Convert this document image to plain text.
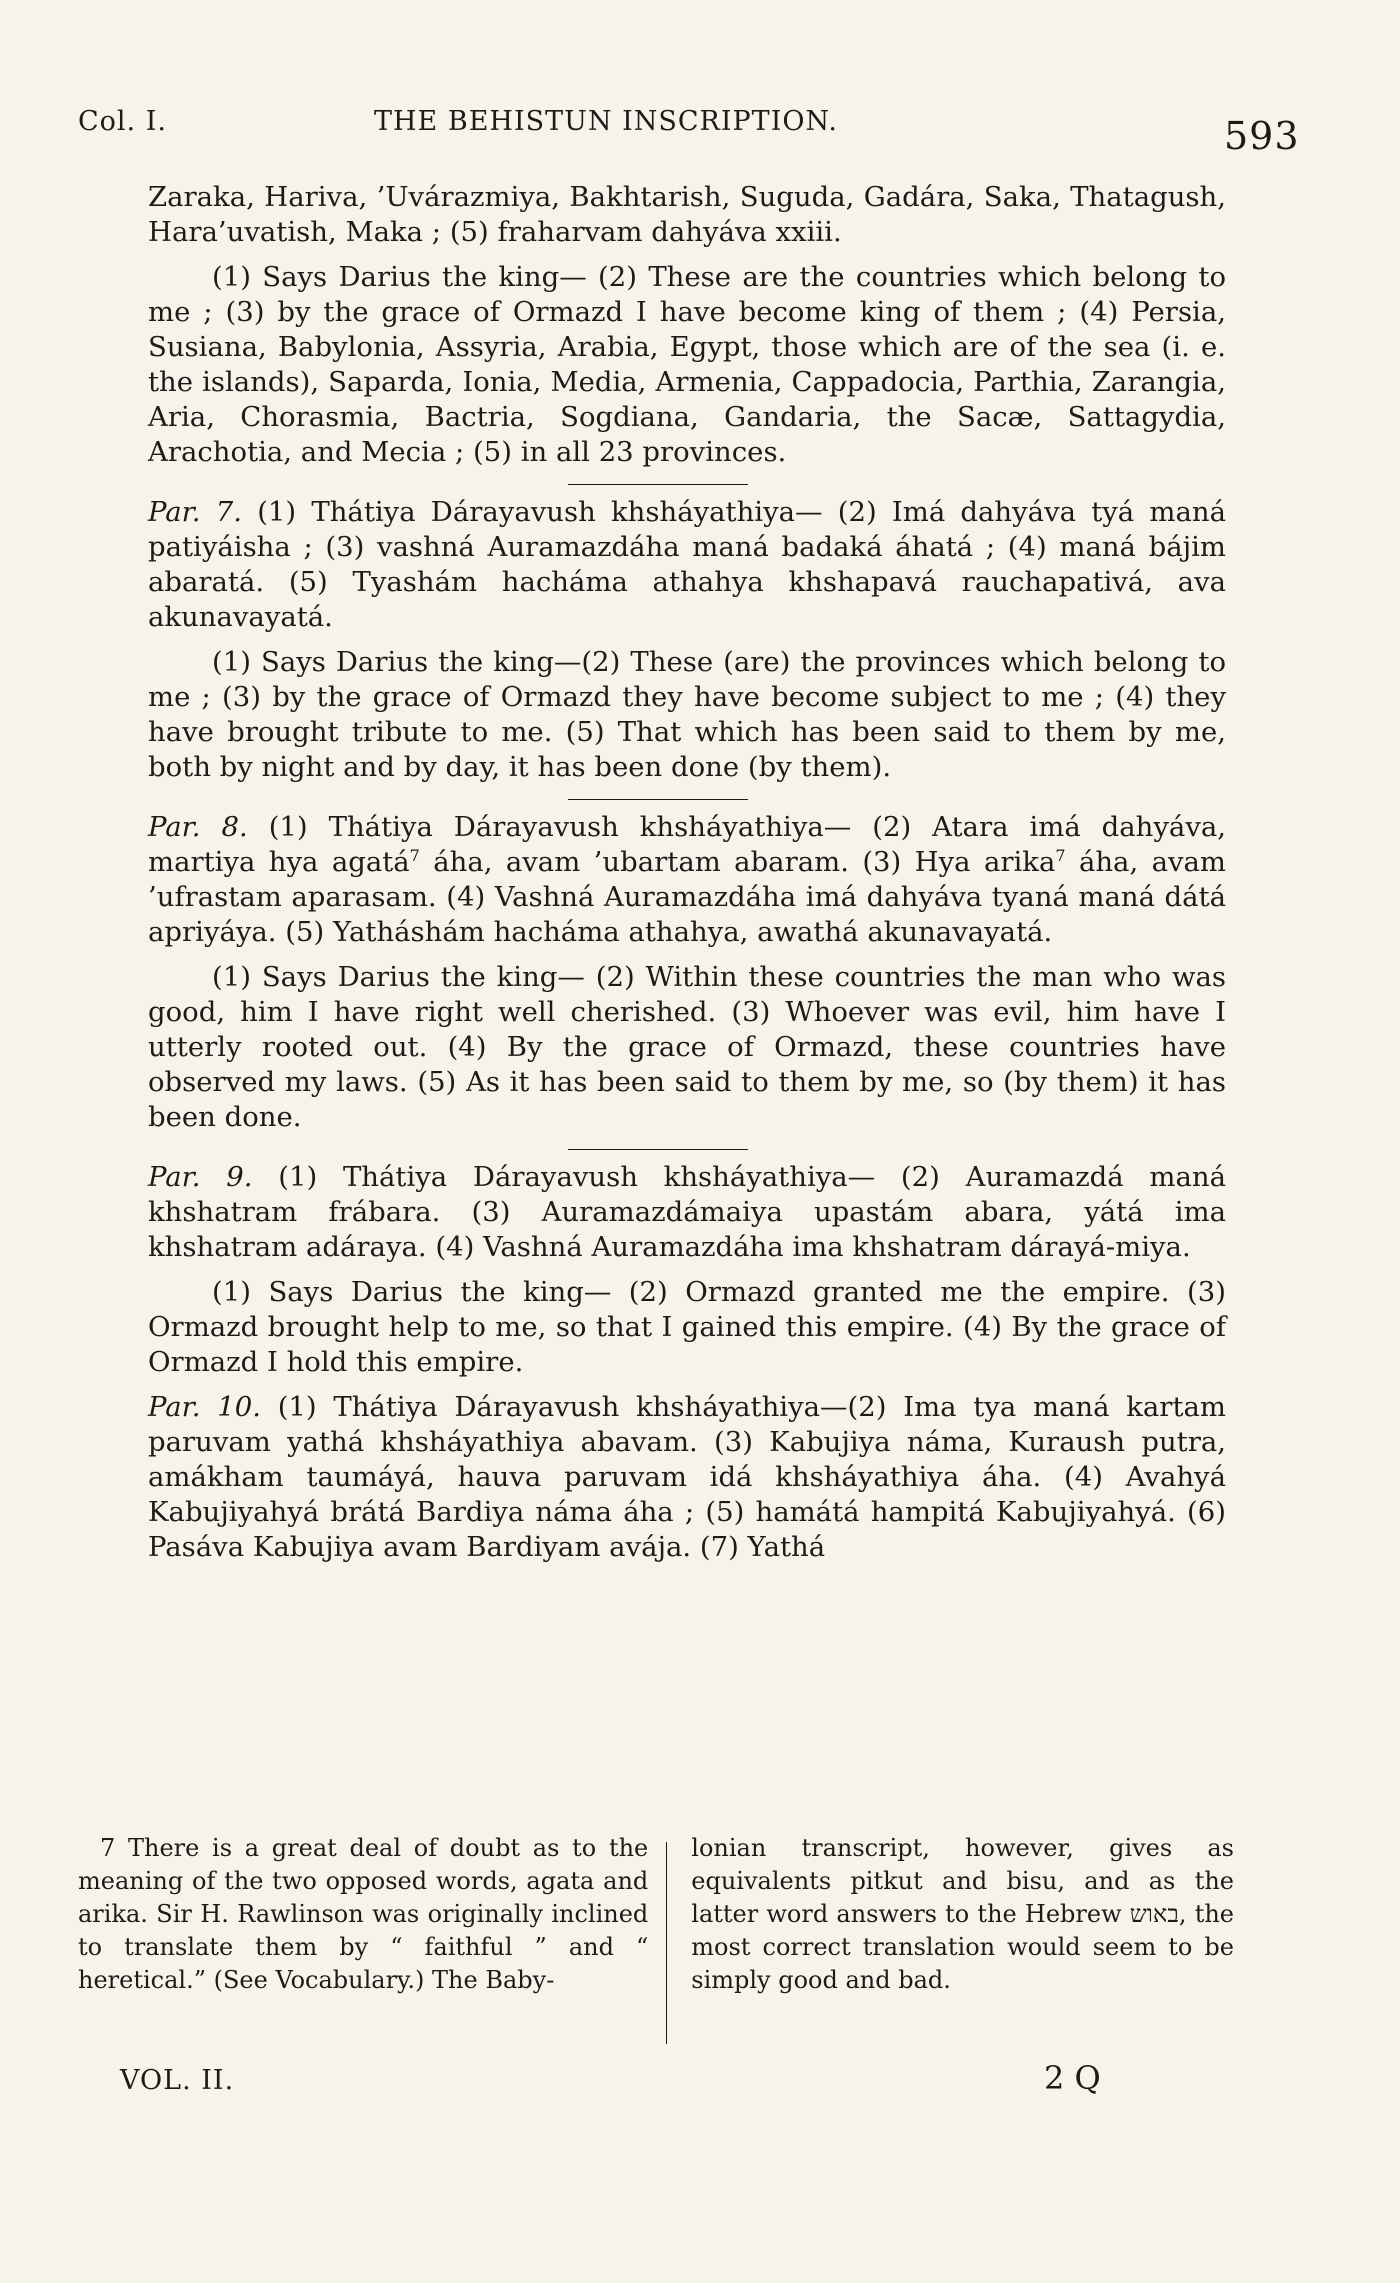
Col. I.	THE BEHISTUN INSCRIPTION.	593

Zaraka, Hariva, ’Uvárazmiya, Bakhtarish, Suguda, Gadára, Saka, Thatagush, Hara’uvatish, Maka ; (5) fraharvam dahyáva xxiii.

(1) Says Darius the king— (2) These are the countries which belong to me ; (3) by the grace of Ormazd I have become king of them ; (4) Persia, Susiana, Babylonia, Assyria, Arabia, Egypt, those which are of the sea (i. e. the islands), Saparda, Ionia, Media, Armenia, Cappadocia, Parthia, Zarangia, Aria, Chorasmia, Bactria, Sogdiana, Gandaria, the Sacæ, Sattagydia, Arachotia, and Mecia ; (5) in all 23 provinces.

Par. 7. (1) Thátiya Dárayavush khsháyathiya— (2) Imá dahyáva tyá maná patiyáisha ; (3) vashná Auramazdáha maná badaká áhatá ; (4) maná bájim abaratá. (5) Tyashám hacháma athahya khshapavá rauchapativá, ava akunavayatá.

(1) Says Darius the king—(2) These (are) the provinces which belong to me ; (3) by the grace of Ormazd they have become subject to me ; (4) they have brought tribute to me. (5) That which has been said to them by me, both by night and by day, it has been done (by them).

Par. 8. (1) Thátiya Dárayavush khsháyathiya— (2) Atara imá dahyáva, martiya hya agatá$^7$ áha, avam ’ubartam abaram. (3) Hya arika$^7$ áha, avam ’ufrastam aparasam. (4) Vashná Auramazdáha imá dahyáva tyaná maná dátá apriyáya. (5) Yatháshám hacháma athahya, awathá akunavayatá.

(1) Says Darius the king— (2) Within these countries the man who was good, him I have right well cherished. (3) Whoever was evil, him have I utterly rooted out. (4) By the grace of Ormazd, these countries have observed my laws. (5) As it has been said to them by me, so (by them) it has been done.

Par. 9. (1) Thátiya Dárayavush khsháyathiya— (2) Auramazdá maná khshatram frábara. (3) Auramazdámaiya upastám abara, yátá ima khshatram adáraya. (4) Vashná Auramazdáha ima khshatram dárayá-miya.

(1) Says Darius the king— (2) Ormazd granted me the empire. (3) Ormazd brought help to me, so that I gained this empire. (4) By the grace of Ormazd I hold this empire.

Par. 10. (1) Thátiya Dárayavush khsháyathiya—(2) Ima tya maná kartam paruvam yathá khsháyathiya abavam. (3) Kabujiya náma, Kuraush putra, amákham taumáyá, hauva paruvam idá khsháyathiya áha. (4) Avahyá Kabujiyahyá brátá Bardiya náma áha ; (5) hamátá hampitá Kabujiyahyá. (6) Pasáva Kabujiya avam Bardiyam avája. (7) Yathá

7 There is a great deal of doubt as to the meaning of the two opposed words, agata and arika. Sir H. Rawlinson was originally inclined to translate them by “ faithful ” and “ heretical.” (See Vocabulary.) The Baby-
lonian transcript, however, gives as equivalents pitkut and bisu, and as the latter word answers to the Hebrew באוש, the most correct translation would seem to be simply good and bad.
VOL. II.	2 Q
